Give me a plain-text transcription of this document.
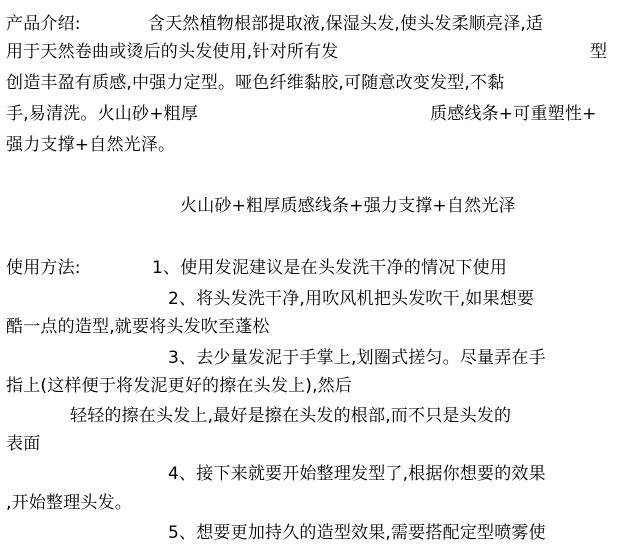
产品介绍:	含天然植物根部提取液,保湿头发,使头发柔顺亮泽,适
用于天然卷曲或烫后的头发使用,针对所有发	型
创造丰盈有质感,中强力定型。哑色纤维黏胶,可随意改变发型,不黏
手,易清洗。火山砂+粗厚	质感线条+可重塑性+
强力支撑+自然光泽。
火山砂+粗厚质感线条+强力支撑+自然光泽
使用方法:	1、使用发泥建议是在头发洗干净的情况下使用
2、将头发洗干净,用吹风机把头发吹干,如果想要
酷一点的造型,就要将头发吹至蓬松
3、去少量发泥于手掌上,划圈式搓匀。尽量弄在手
指上(这样便于将发泥更好的擦在头发上),然后
轻轻的擦在头发上,最好是擦在头发的根部,而不只是头发的
表面
4、接下来就要开始整理发型了,根据你想要的效果
,开始整理头发。
5、想要更加持久的造型效果,需要搭配定型喷雾使
